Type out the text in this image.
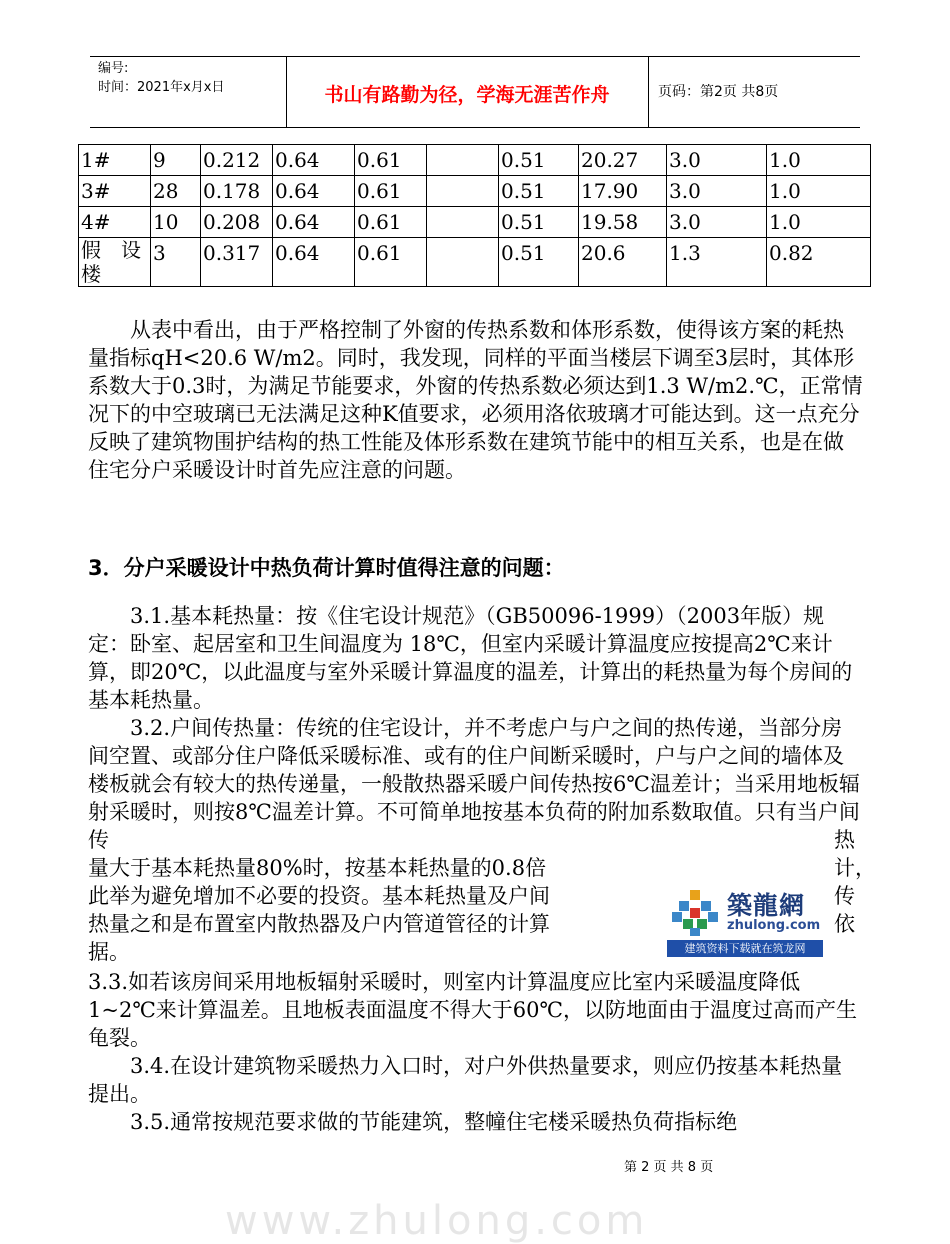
编号:
时间：2021年x月x日	书山有路勤为径，学海无涯苦作舟	页码：第2页 共8页
1#	9	0.212	0.64	0.61		0.51	20.27	3.0	1.0
3#	28	0.178	0.64	0.61		0.51	17.90	3.0	1.0
4#	10	0.208	0.64	0.61		0.51	19.58	3.0	1.0
假　设楼	3	0.317	0.64	0.61		0.51	20.6	1.3	0.82
　　从表中看出，由于严格控制了外窗的传热系数和体形系数，使得该方案的耗热量指标qH<20.6 W/m2。同时，我发现，同样的平面当楼层下调至3层时，其体形系数大于0.3时，为满足节能要求，外窗的传热系数必须达到1.3 W/m2.℃，正常情况下的中空玻璃已无法满足这种K值要求，必须用洛依玻璃才可能达到。这一点充分反映了建筑物围护结构的热工性能及体形系数在建筑节能中的相互关系，也是在做住宅分户采暖设计时首先应注意的问题。
3．分户采暖设计中热负荷计算时值得注意的问题：
　　3.1.基本耗热量：按《住宅设计规范》（GB50096-1999）（2003年版）规定：卧室、起居室和卫生间温度为 18℃，但室内采暖计算温度应按提高2℃来计算，即20℃，以此温度与室外采暖计算温度的温差，计算出的耗热量为每个房间的基本耗热量。
　　3.2.户间传热量：传统的住宅设计，并不考虑户与户之间的热传递，当部分房间空置、或部分住户降低采暖标准、或有的住户间断采暖时，户与户之间的墙体及楼板就会有较大的热传递量，一般散热器采暖户间传热按6℃温差计；当采用地板辐射采暖时，则按8℃温差计算。不可简单地按基本负荷的附加系数取值。只有当户间传
量大于基本耗热量80%时，按基本耗热量的0.8倍
此举为避免增加不必要的投资。基本耗热量及户间
热量之和是布置室内散热器及户内管道管径的计算
据。
热
计，
传
依
築龍網
zhulong.com
建筑资料下载就在筑龙网
3.3.如若该房间采用地板辐射采暖时，则室内计算温度应比室内采暖温度降低1~2℃来计算温差。且地板表面温度不得大于60℃，以防地面由于温度过高而产生龟裂。
　　3.4.在设计建筑物采暖热力入口时，对户外供热量要求，则应仍按基本耗热量提出。
　　3.5.通常按规范要求做的节能建筑，整幢住宅楼采暖热负荷指标绝
第 2 页 共 8 页
www.zhulong.com
